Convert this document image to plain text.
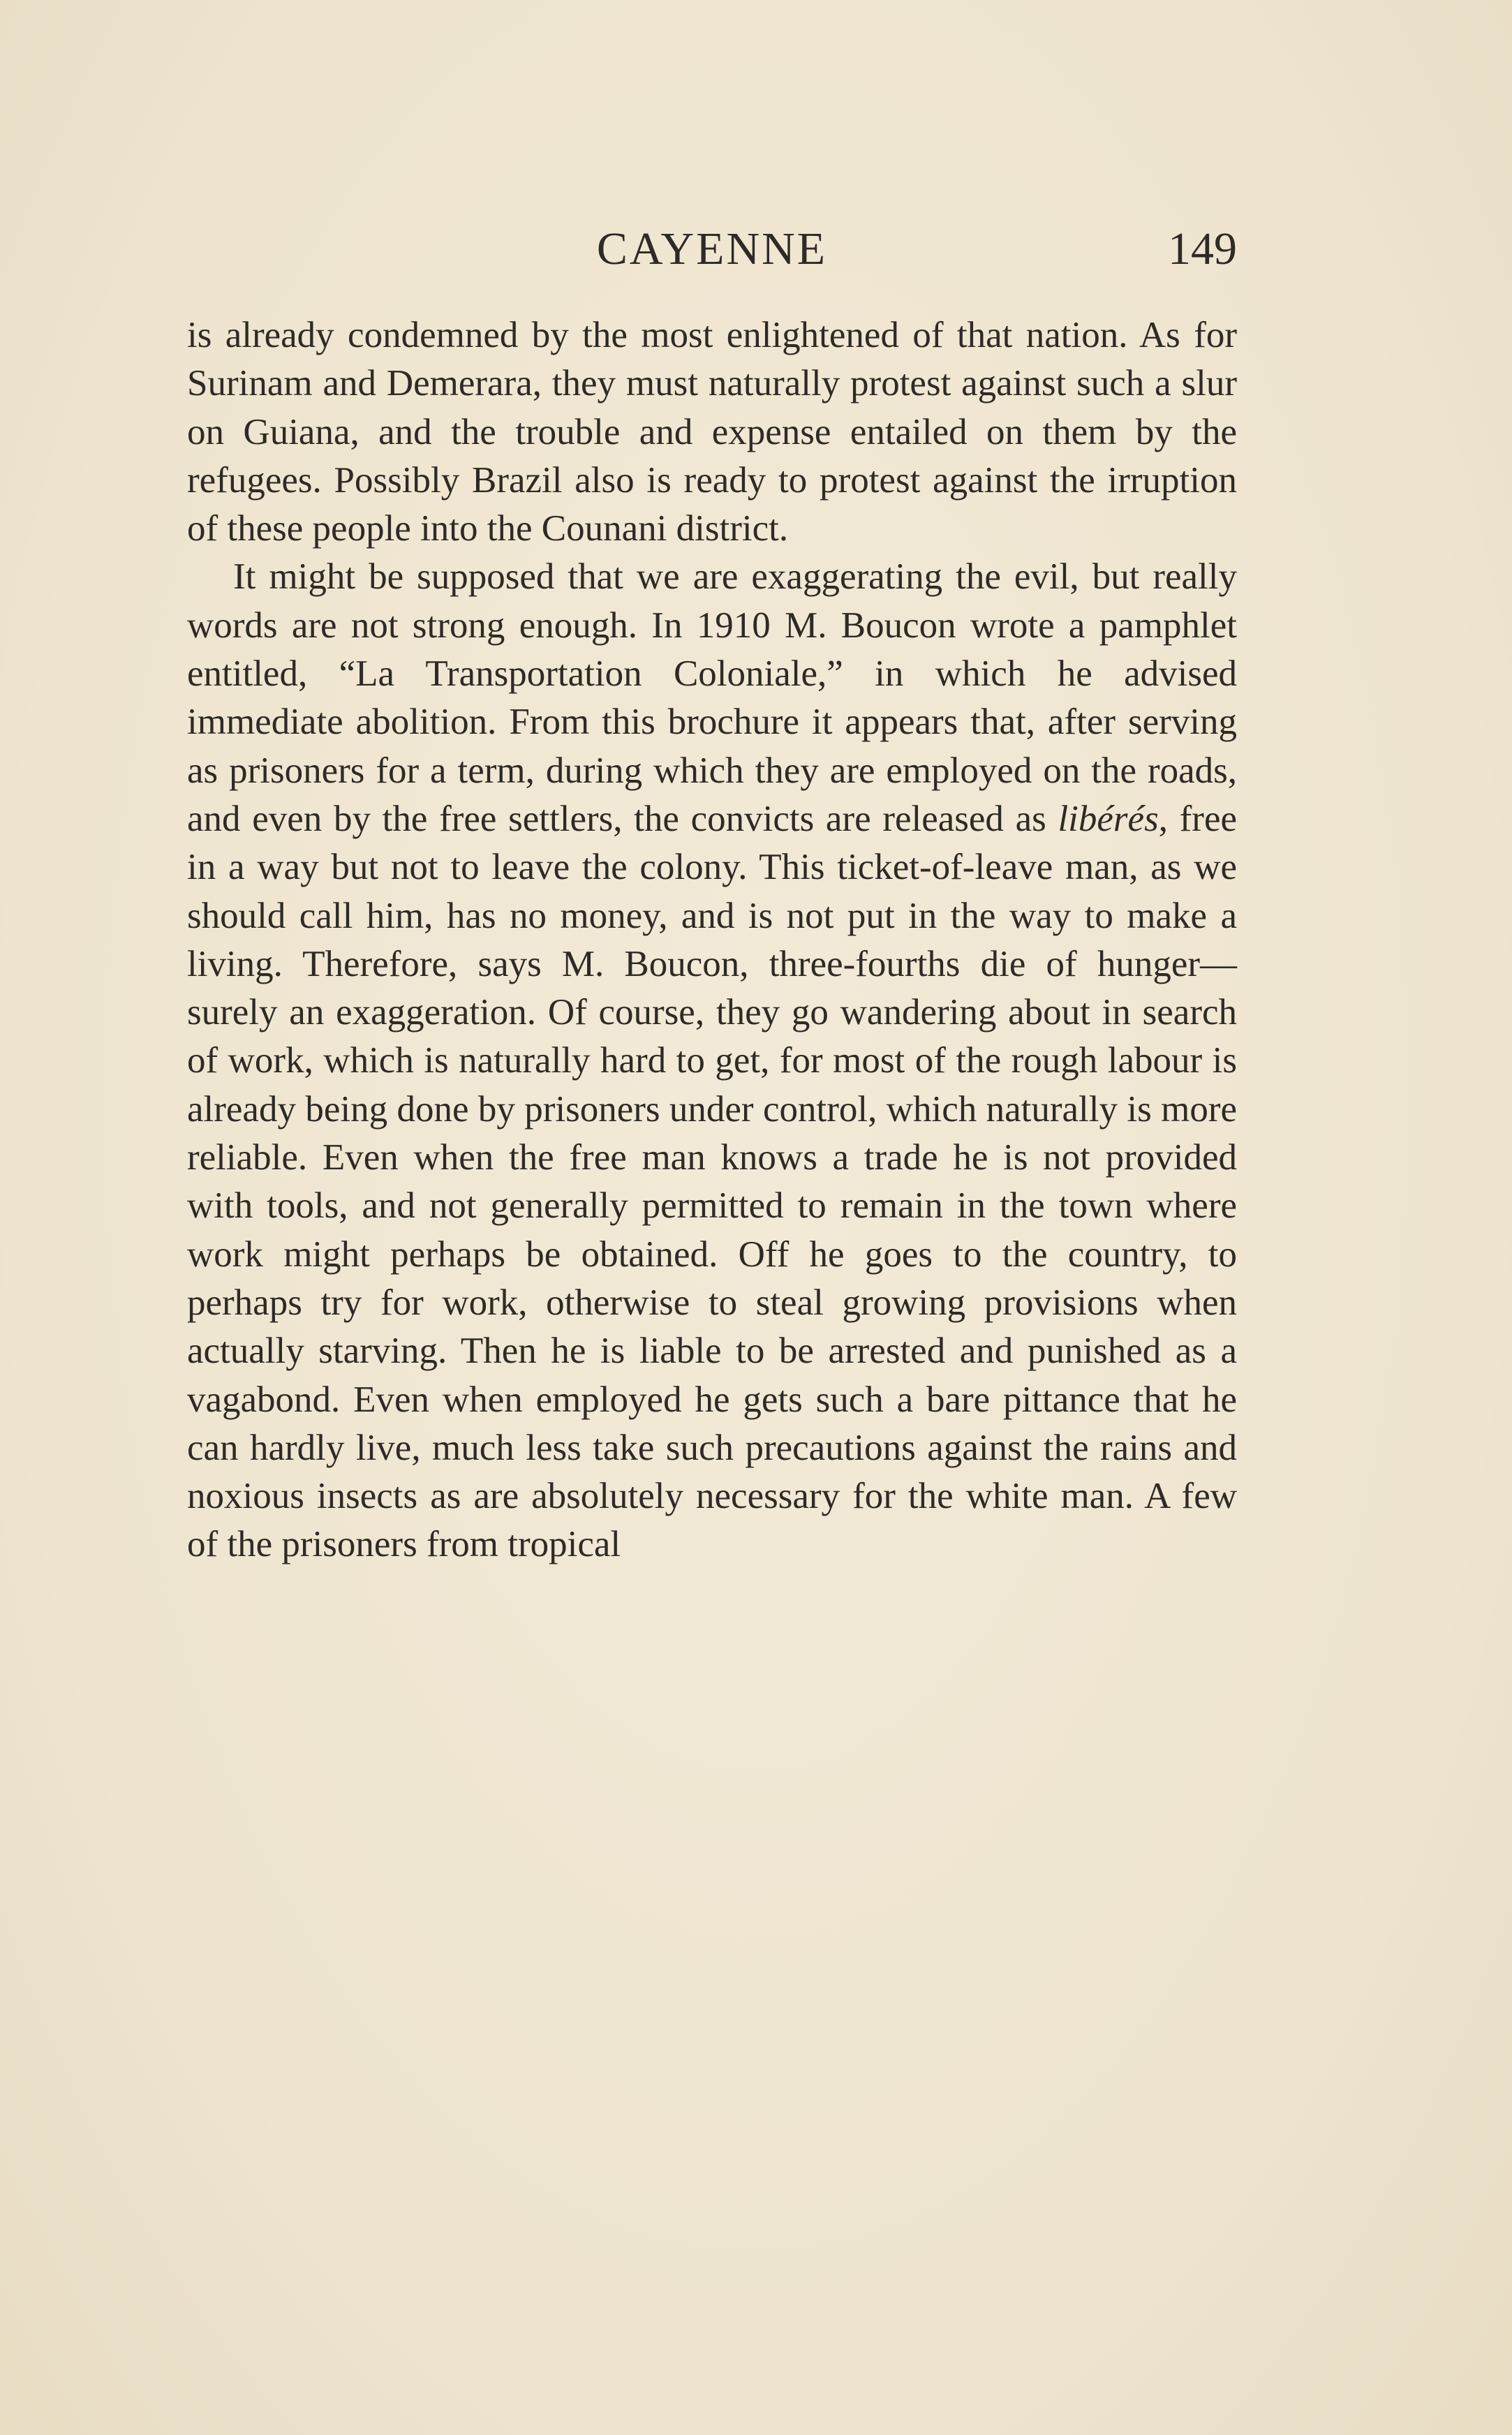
CAYENNE	149

is already condemned by the most enlightened of that nation. As for Surinam and Demerara, they must naturally protest against such a slur on Guiana, and the trouble and expense entailed on them by the refugees. Possibly Brazil also is ready to protest against the irruption of these people into the Counani district.

It might be supposed that we are exaggerating the evil, but really words are not strong enough. In 1910 M. Boucon wrote a pamphlet entitled, “La Transportation Coloniale,” in which he advised immediate abolition. From this brochure it appears that, after serving as prisoners for a term, during which they are employed on the roads, and even by the free settlers, the convicts are released as libérés, free in a way but not to leave the colony. This ticket-of-leave man, as we should call him, has no money, and is not put in the way to make a living. Therefore, says M. Boucon, three-fourths die of hunger—surely an exaggeration. Of course, they go wandering about in search of work, which is naturally hard to get, for most of the rough labour is already being done by prisoners under control, which naturally is more reliable. Even when the free man knows a trade he is not provided with tools, and not generally permitted to remain in the town where work might perhaps be obtained. Off he goes to the country, to perhaps try for work, otherwise to steal growing provisions when actually starving. Then he is liable to be arrested and punished as a vagabond. Even when employed he gets such a bare pittance that he can hardly live, much less take such precautions against the rains and noxious insects as are absolutely necessary for the white man. A few of the prisoners from tropical
